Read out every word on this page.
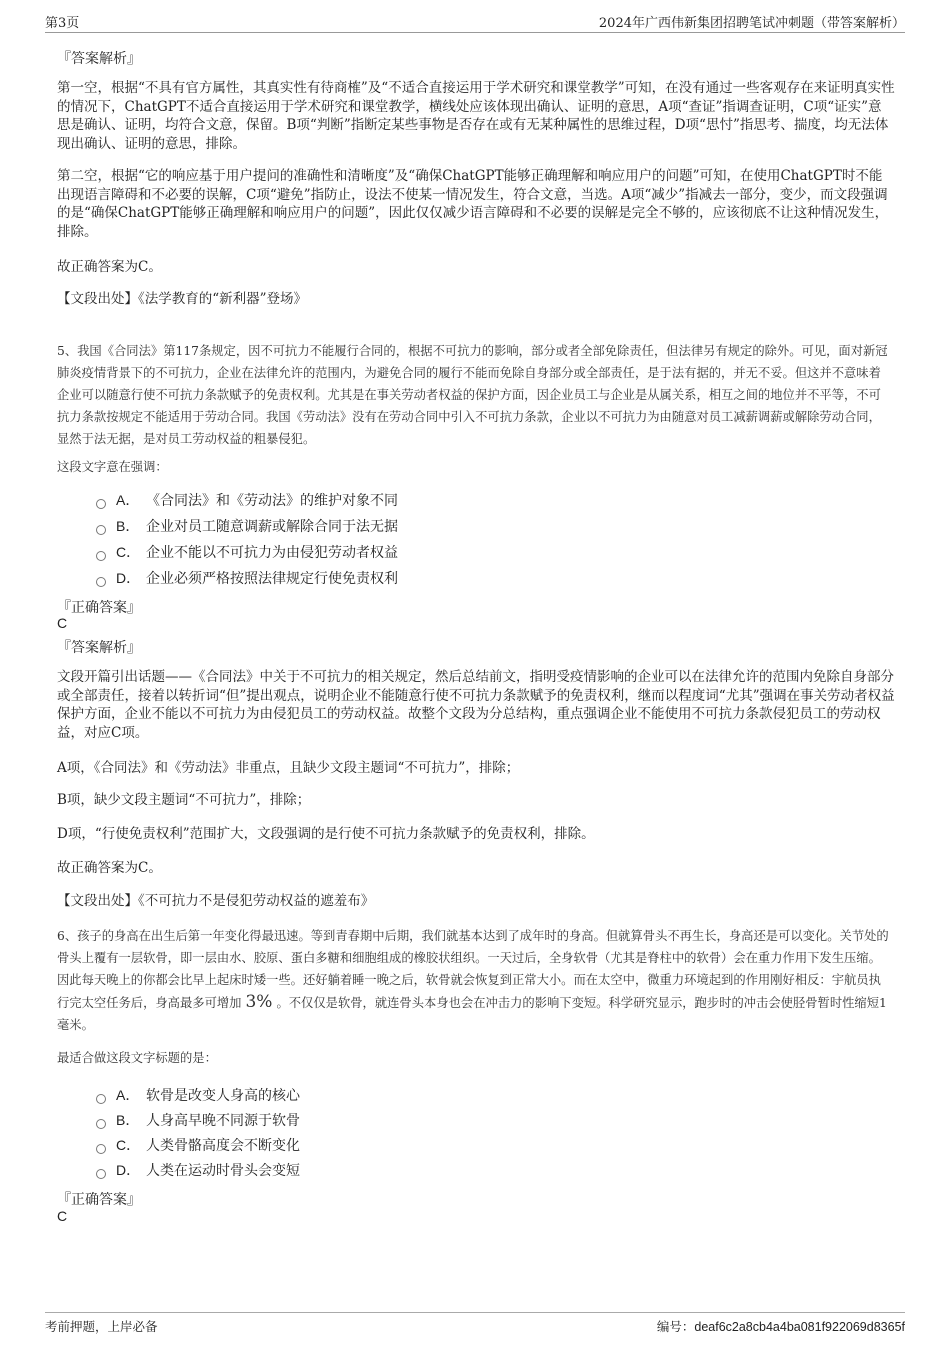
第3页	2024年广西伟新集团招聘笔试冲刺题（带答案解析）
『答案解析』
第一空，根据“不具有官方属性，其真实性有待商榷”及“不适合直接运用于学术研究和课堂教学”可知，在没有通过一些客观存在来证明真实性的情况下，ChatGPT不适合直接运用于学术研究和课堂教学，横线处应该体现出确认、证明的意思，A项“查证”指调查证明，C项“证实”意思是确认、证明，均符合文意，保留。B项“判断”指断定某些事物是否存在或有无某种属性的思维过程，D项“思忖”指思考、揣度，均无法体现出确认、证明的意思，排除。
第二空，根据“它的响应基于用户提问的准确性和清晰度”及“确保ChatGPT能够正确理解和响应用户的问题”可知，在使用ChatGPT时不能出现语言障碍和不必要的误解，C项“避免”指防止，设法不使某一情况发生，符合文意，当选。A项“减少”指减去一部分，变少，而文段强调的是“确保ChatGPT能够正确理解和响应用户的问题”，因此仅仅减少语言障碍和不必要的误解是完全不够的，应该彻底不让这种情况发生，排除。
故正确答案为C。
【文段出处】《法学教育的“新利器”登场》
5、我国《合同法》第117条规定，因不可抗力不能履行合同的，根据不可抗力的影响，部分或者全部免除责任，但法律另有规定的除外。可见，面对新冠肺炎疫情背景下的不可抗力，企业在法律允许的范围内，为避免合同的履行不能而免除自身部分或全部责任，是于法有据的，并无不妥。但这并不意味着企业可以随意行使不可抗力条款赋予的免责权利。尤其是在事关劳动者权益的保护方面，因企业员工与企业是从属关系，相互之间的地位并不平等，不可抗力条款按规定不能适用于劳动合同。我国《劳动法》没有在劳动合同中引入不可抗力条款，企业以不可抗力为由随意对员工减薪调薪或解除劳动合同，显然于法无据，是对员工劳动权益的粗暴侵犯。
这段文字意在强调：
A． 《合同法》和《劳动法》的维护对象不同
B． 企业对员工随意调薪或解除合同于法无据
C． 企业不能以不可抗力为由侵犯劳动者权益
D． 企业必须严格按照法律规定行使免责权利
『正确答案』
C
『答案解析』
文段开篇引出话题——《合同法》中关于不可抗力的相关规定，然后总结前文，指明受疫情影响的企业可以在法律允许的范围内免除自身部分或全部责任，接着以转折词“但”提出观点，说明企业不能随意行使不可抗力条款赋予的免责权利，继而以程度词“尤其”强调在事关劳动者权益保护方面，企业不能以不可抗力为由侵犯员工的劳动权益。故整个文段为分总结构，重点强调企业不能使用不可抗力条款侵犯员工的劳动权益，对应C项。
A项，《合同法》和《劳动法》非重点，且缺少文段主题词“不可抗力”，排除；
B项，缺少文段主题词“不可抗力”，排除；
D项，“行使免责权利”范围扩大，文段强调的是行使不可抗力条款赋予的免责权利，排除。
故正确答案为C。
【文段出处】《不可抗力不是侵犯劳动权益的遮羞布》
6、孩子的身高在出生后第一年变化得最迅速。等到青春期中后期，我们就基本达到了成年时的身高。但就算骨头不再生长，身高还是可以变化。关节处的骨头上覆有一层软骨，即一层由水、胶原、蛋白多糖和细胞组成的橡胶状组织。一天过后，全身软骨（尤其是脊柱中的软骨）会在重力作用下发生压缩。因此每天晚上的你都会比早上起床时矮一些。还好躺着睡一晚之后，软骨就会恢复到正常大小。而在太空中，微重力环境起到的作用刚好相反：宇航员执行完太空任务后，身高最多可增加 3% 。不仅仅是软骨，就连骨头本身也会在冲击力的影响下变短。科学研究显示，跑步时的冲击会使胫骨暂时性缩短1毫米。
最适合做这段文字标题的是：
A． 软骨是改变人身高的核心
B． 人身高早晚不同源于软骨
C． 人类骨骼高度会不断变化
D． 人类在运动时骨头会变短
『正确答案』
C
考前押题，上岸必备	编号：deaf6c2a8cb4a4ba081f922069d8365f
